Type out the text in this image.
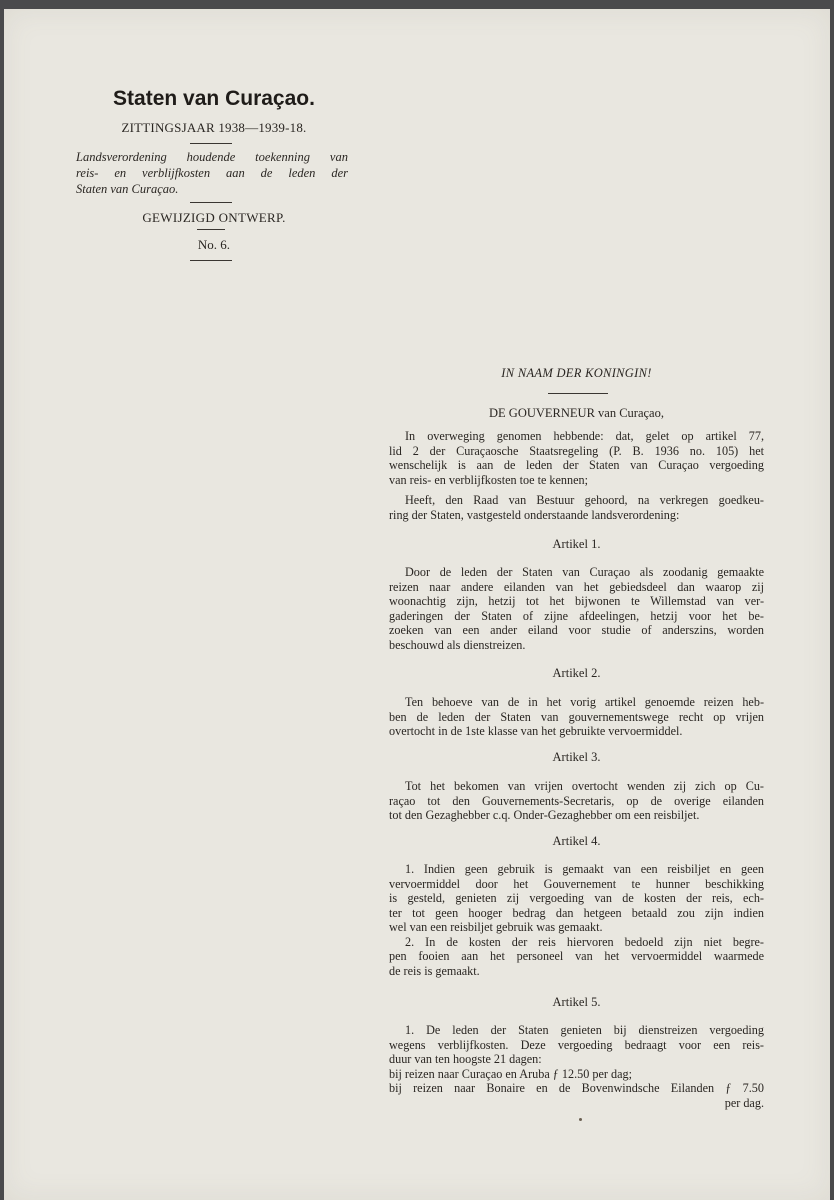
Staten van Curaçao.
ZITTINGSJAAR 1938—1939-18.
Landsverordening houdende toekenning van
reis- en verblijfkosten aan de leden der
Staten van Curaçao.
GEWIJZIGD ONTWERP.
No. 6.
IN NAAM DER KONINGIN!
DE GOUVERNEUR van Curaçao,
In overweging genomen hebbende: dat, gelet op artikel 77,
lid 2 der Curaçaosche Staatsregeling (P. B. 1936 no. 105) het
wenschelijk is aan de leden der Staten van Curaçao vergoeding
van reis- en verblijfkosten toe te kennen;
Heeft, den Raad van Bestuur gehoord, na verkregen goedkeu-
ring der Staten, vastgesteld onderstaande landsverordening:
Artikel 1.
Door de leden der Staten van Curaçao als zoodanig gemaakte
reizen naar andere eilanden van het gebiedsdeel dan waarop zij
woonachtig zijn, hetzij tot het bijwonen te Willemstad van ver-
gaderingen der Staten of zijne afdeelingen, hetzij voor het be-
zoeken van een ander eiland voor studie of anderszins, worden
beschouwd als dienstreizen.
Artikel 2.
Ten behoeve van de in het vorig artikel genoemde reizen heb-
ben de leden der Staten van gouvernementswege recht op vrijen
overtocht in de 1ste klasse van het gebruikte vervoermiddel.
Artikel 3.
Tot het bekomen van vrijen overtocht wenden zij zich op Cu-
raçao tot den Gouvernements-Secretaris, op de overige eilanden
tot den Gezaghebber c.q. Onder-Gezaghebber om een reisbiljet.
Artikel 4.
1. Indien geen gebruik is gemaakt van een reisbiljet en geen
vervoermiddel door het Gouvernement te hunner beschikking
is gesteld, genieten zij vergoeding van de kosten der reis, ech-
ter tot geen hooger bedrag dan hetgeen betaald zou zijn indien
wel van een reisbiljet gebruik was gemaakt.
2. In de kosten der reis hiervoren bedoeld zijn niet begre-
pen fooien aan het personeel van het vervoermiddel waarmede
de reis is gemaakt.
Artikel 5.
1. De leden der Staten genieten bij dienstreizen vergoeding
wegens verblijfkosten. Deze vergoeding bedraagt voor een reis-
duur van ten hoogste 21 dagen:
bij reizen naar Curaçao en Aruba ƒ 12.50 per dag;
bij reizen naar Bonaire en de Bovenwindsche Eilanden ƒ 7.50
per dag.
